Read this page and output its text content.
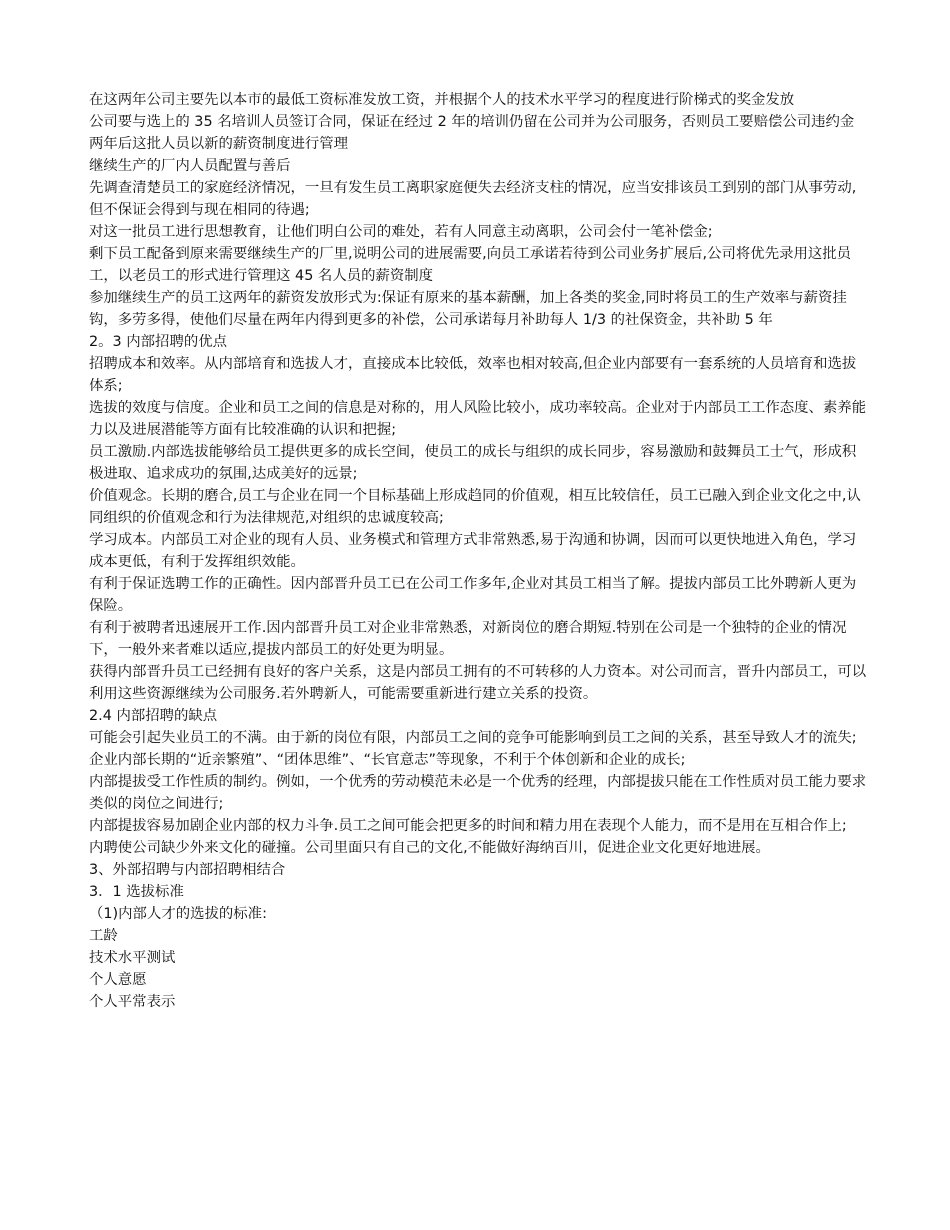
在这两年公司主要先以本市的最低工资标准发放工资，并根据个人的技术水平学习的程度进行阶梯式的奖金发放

公司要与选上的 35 名培训人员签订合同，保证在经过 2 年的培训仍留在公司并为公司服务，否则员工要赔偿公司违约金

两年后这批人员以新的薪资制度进行管理

继续生产的厂内人员配置与善后

先调查清楚员工的家庭经济情况，一旦有发生员工离职家庭便失去经济支柱的情况，应当安排该员工到别的部门从事劳动,但不保证会得到与现在相同的待遇;

对这一批员工进行思想教育，让他们明白公司的难处，若有人同意主动离职，公司会付一笔补偿金;

剩下员工配备到原来需要继续生产的厂里,说明公司的进展需要,向员工承诺若待到公司业务扩展后,公司将优先录用这批员工，以老员工的形式进行管理这 45 名人员的薪资制度

参加继续生产的员工这两年的薪资发放形式为:保证有原来的基本薪酬，加上各类的奖金,同时将员工的生产效率与薪资挂钩，多劳多得，使他们尽量在两年内得到更多的补偿，公司承诺每月补助每人 1/3 的社保资金，共补助 5 年

2。3 内部招聘的优点

招聘成本和效率。从内部培育和选拔人才，直接成本比较低，效率也相对较高,但企业内部要有一套系统的人员培育和选拔体系;

选拔的效度与信度。企业和员工之间的信息是对称的，用人风险比较小，成功率较高。企业对于内部员工工作态度、素养能力以及进展潜能等方面有比较准确的认识和把握;

员工激励.内部选拔能够给员工提供更多的成长空间，使员工的成长与组织的成长同步，容易激励和鼓舞员工士气，形成积极进取、追求成功的氛围,达成美好的远景;

价值观念。长期的磨合,员工与企业在同一个目标基础上形成趋同的价值观，相互比较信任，员工已融入到企业文化之中,认同组织的价值观念和行为法律规范,对组织的忠诚度较高;

学习成本。内部员工对企业的现有人员、业务模式和管理方式非常熟悉,易于沟通和协调，因而可以更快地进入角色，学习成本更低，有利于发挥组织效能。

有利于保证选聘工作的正确性。因内部晋升员工已在公司工作多年,企业对其员工相当了解。提拔内部员工比外聘新人更为保险。

有利于被聘者迅速展开工作.因内部晋升员工对企业非常熟悉，对新岗位的磨合期短.特别在公司是一个独特的企业的情况下，一般外来者难以适应,提拔内部员工的好处更为明显。

获得内部晋升员工已经拥有良好的客户关系，这是内部员工拥有的不可转移的人力资本。对公司而言，晋升内部员工，可以利用这些资源继续为公司服务.若外聘新人，可能需要重新进行建立关系的投资。

2.4 内部招聘的缺点

可能会引起失业员工的不满。由于新的岗位有限，内部员工之间的竞争可能影响到员工之间的关系，甚至导致人才的流失;

企业内部长期的“近亲繁殖”、“团体思维”、“长官意志”等现象，不利于个体创新和企业的成长;

内部提拔受工作性质的制约。例如，一个优秀的劳动模范未必是一个优秀的经理，内部提拔只能在工作性质对员工能力要求类似的岗位之间进行;

内部提拔容易加剧企业内部的权力斗争.员工之间可能会把更多的时间和精力用在表现个人能力，而不是用在互相合作上;

内聘使公司缺少外来文化的碰撞。公司里面只有自己的文化,不能做好海纳百川，促进企业文化更好地进展。

3、外部招聘与内部招聘相结合

3．1 选拔标准

（1)内部人才的选拔的标准:

工龄

技术水平测试

个人意愿

个人平常表示
